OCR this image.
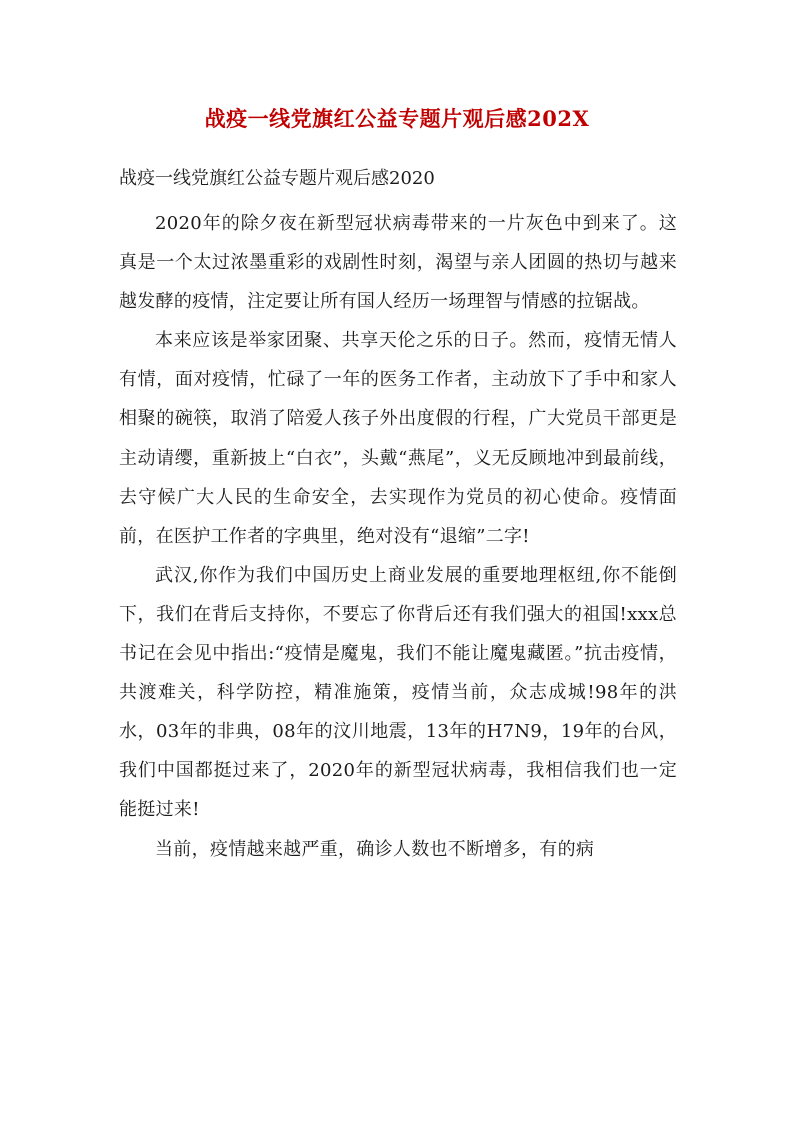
战疫一线党旗红公益专题片观后感202X
战疫一线党旗红公益专题片观后感2020

2020年的除夕夜在新型冠状病毒带来的一片灰色中到来了。这真是一个太过浓墨重彩的戏剧性时刻，渴望与亲人团圆的热切与越来越发酵的疫情，注定要让所有国人经历一场理智与情感的拉锯战。

本来应该是举家团聚、共享天伦之乐的日子。然而，疫情无情人有情，面对疫情，忙碌了一年的医务工作者，主动放下了手中和家人相聚的碗筷，取消了陪爱人孩子外出度假的行程，广大党员干部更是主动请缨，重新披上“白衣”，头戴“燕尾”，义无反顾地冲到最前线，去守候广大人民的生命安全，去实现作为党员的初心使命。疫情面前，在医护工作者的字典里，绝对没有“退缩”二字!

武汉,你作为我们中国历史上商业发展的重要地理枢纽,你不能倒下，我们在背后支持你，不要忘了你背后还有我们强大的祖国!xxx总书记在会见中指出:“疫情是魔鬼，我们不能让魔鬼藏匿。”抗击疫情，共渡难关，科学防控，精准施策，疫情当前，众志成城!98年的洪水，03年的非典，08年的汶川地震，13年的H7N9，19年的台风，我们中国都挺过来了，2020年的新型冠状病毒，我相信我们也一定能挺过来!

当前，疫情越来越严重，确诊人数也不断增多，有的病
